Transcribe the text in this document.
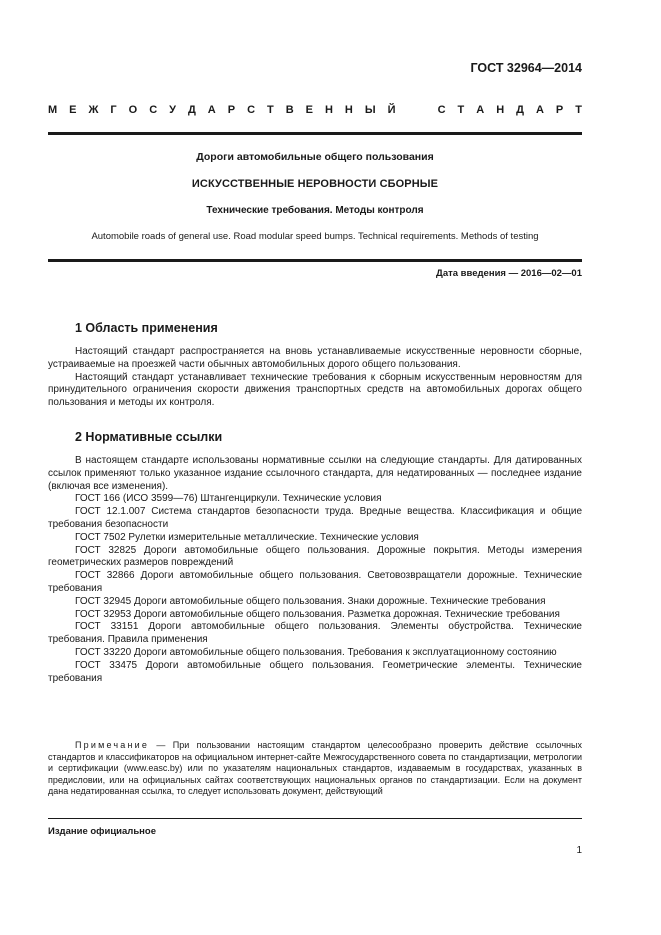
ГОСТ 32964—2014
М Е Ж Г О С У Д А Р С Т В Е Н Н Ы Й

	С Т А Н Д А Р Т
Дороги автомобильные общего пользования
ИСКУССТВЕННЫЕ НЕРОВНОСТИ СБОРНЫЕ
Технические требования. Методы контроля
Automobile roads of general use. Road modular speed bumps. Technical requirements. Methods of testing
Дата введения — 2016—02—01
1 Область применения

Настоящий стандарт распространяется на вновь устанавливаемые искусственные неровности сборные, устраиваемые на проезжей части обычных автомобильных дорого общего пользования.

Настоящий стандарт устанавливает технические требования к сборным искусственным неровностям для принудительного ограничения скорости движения транспортных средств на автомобильных дорогах общего пользования и методы их контроля.

2 Нормативные ссылки

В настоящем стандарте использованы нормативные ссылки на следующие стандарты. Для датированных ссылок применяют только указанное издание ссылочного стандарта, для недатированных — последнее издание (включая все изменения).

ГОСТ 166 (ИСО 3599—76) Штангенциркули. Технические условия

ГОСТ 12.1.007 Система стандартов безопасности труда. Вредные вещества. Классификация и общие требования безопасности

ГОСТ 7502 Рулетки измерительные металлические. Технические условия

ГОСТ 32825 Дороги автомобильные общего пользования. Дорожные покрытия. Методы измерения геометрических размеров повреждений

ГОСТ 32866 Дороги автомобильные общего пользования. Световозвращатели дорожные. Технические требования

ГОСТ 32945 Дороги автомобильные общего пользования. Знаки дорожные. Технические требования

ГОСТ 32953 Дороги автомобильные общего пользования. Разметка дорожная. Технические требования

ГОСТ 33151 Дороги автомобильные общего пользования. Элементы обустройства. Технические требования. Правила применения

ГОСТ 33220 Дороги автомобильные общего пользования. Требования к эксплуатационному состоянию

ГОСТ 33475 Дороги автомобильные общего пользования. Геометрические элементы. Технические требования

Примечание — При пользовании настоящим стандартом целесообразно проверить действие ссылочных стандартов и классификаторов на официальном интернет-сайте Межгосударственного совета по стандартизации, метрологии и сертификации (www.easc.by) или по указателям национальных стандартов, издаваемым в государствах, указанных в предисловии, или на официальных сайтах соответствующих национальных органов по стандартизации. Если на документ дана недатированная ссылка, то следует использовать документ, действующий

Издание официальное
1
